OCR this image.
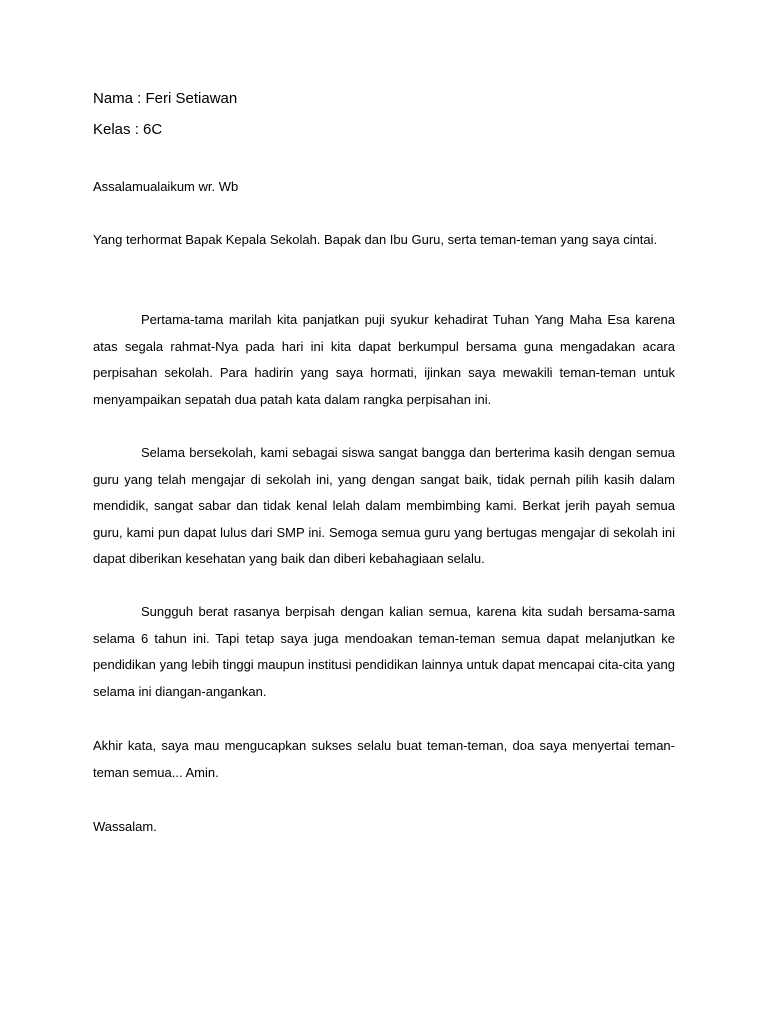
Nama : Feri Setiawan
Kelas : 6C

Assalamualaikum wr. Wb

Yang terhormat Bapak Kepala Sekolah. Bapak dan Ibu Guru, serta teman-teman yang saya cintai.

Pertama-tama marilah kita panjatkan puji syukur kehadirat Tuhan Yang Maha Esa karena atas segala rahmat-Nya pada hari ini kita dapat berkumpul bersama guna mengadakan acara perpisahan sekolah. Para hadirin yang saya hormati, ijinkan saya mewakili teman-teman untuk menyampaikan sepatah dua patah kata dalam rangka perpisahan ini.

Selama bersekolah, kami sebagai siswa sangat bangga dan berterima kasih dengan semua guru yang telah mengajar di sekolah ini, yang dengan sangat baik, tidak pernah pilih kasih dalam mendidik, sangat sabar dan tidak kenal lelah dalam membimbing kami. Berkat jerih payah semua guru, kami pun dapat lulus dari SMP ini. Semoga semua guru yang bertugas mengajar di sekolah ini dapat diberikan kesehatan yang baik dan diberi kebahagiaan selalu.

Sungguh berat rasanya berpisah dengan kalian semua, karena kita sudah bersama-sama selama 6 tahun ini. Tapi tetap saya juga mendoakan teman-teman semua dapat melanjutkan ke pendidikan yang lebih tinggi maupun institusi pendidikan lainnya untuk dapat mencapai cita-cita yang selama ini diangan-angankan.

Akhir kata, saya mau mengucapkan sukses selalu buat teman-teman, doa saya menyertai teman-teman semua... Amin.

Wassalam.
